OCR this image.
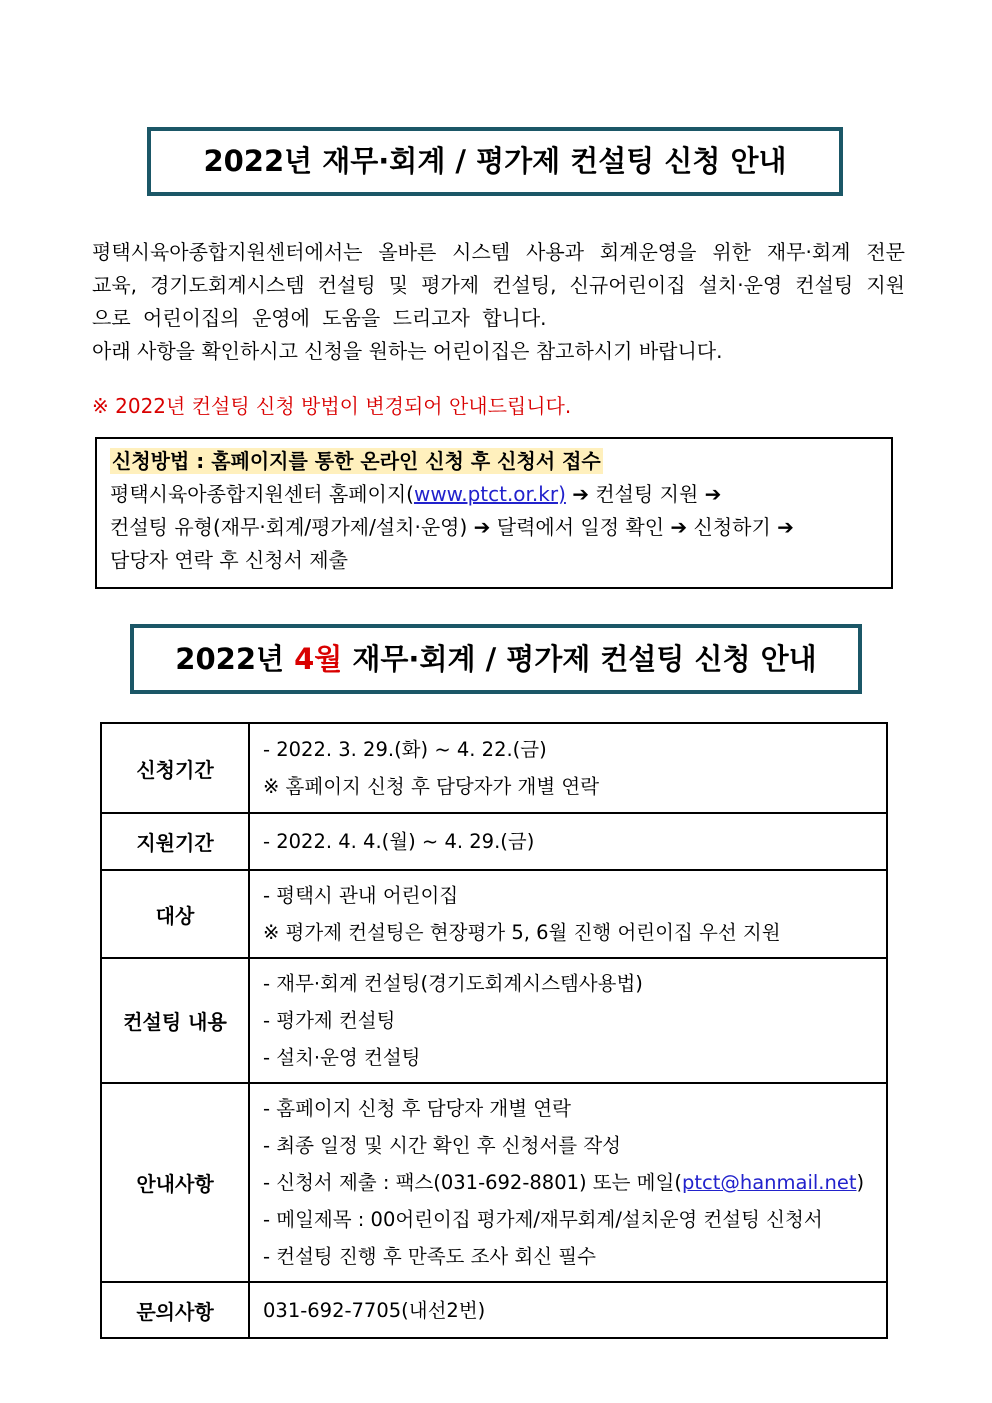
2022년 재무·회계 / 평가제 컨설팅 신청 안내
평택시육아종합지원센터에서는 올바른 시스템 사용과 회계운영을 위한 재무·회계 전문 교육, 경기도회계시스템 컨설팅 및 평가제 컨설팅, 신규어린이집 설치·운영 컨설팅 지원으로 어린이집의 운영에 도움을 드리고자 합니다.
아래 사항을 확인하시고 신청을 원하는 어린이집은 참고하시기 바랍니다.
※ 2022년 컨설팅 신청 방법이 변경되어 안내드립니다.
신청방법 : 홈페이지를 통한 온라인 신청 후 신청서 접수
평택시육아종합지원센터 홈페이지(www.ptct.or.kr) ➔ 컨설팅 지원 ➔
컨설팅 유형(재무·회계/평가제/설치·운영) ➔ 달력에서 일정 확인 ➔ 신청하기 ➔
담당자 연락 후 신청서 제출
2022년 4월 재무·회계 / 평가제 컨설팅 신청 안내
신청기간	- 2022. 3. 29.(화) ~ 4. 22.(금)
※ 홈페이지 신청 후 담당자가 개별 연락

지원기간	- 2022. 4. 4.(월) ~ 4. 29.(금)

대상	- 평택시 관내 어린이집
※ 평가제 컨설팅은 현장평가 5, 6월 진행 어린이집 우선 지원

컨설팅 내용	- 재무·회계 컨설팅(경기도회계시스템사용법)
- 평가제 컨설팅
- 설치·운영 컨설팅

안내사항	- 홈페이지 신청 후 담당자 개별 연락
- 최종 일정 및 시간 확인 후 신청서를 작성
- 신청서 제출 : 팩스(031-692-8801) 또는 메일(ptct@hanmail.net)
- 메일제목 : 00어린이집 평가제/재무회계/설치운영 컨설팅 신청서
- 컨설팅 진행 후 만족도 조사 회신 필수

문의사항	031-692-7705(내선2번)
